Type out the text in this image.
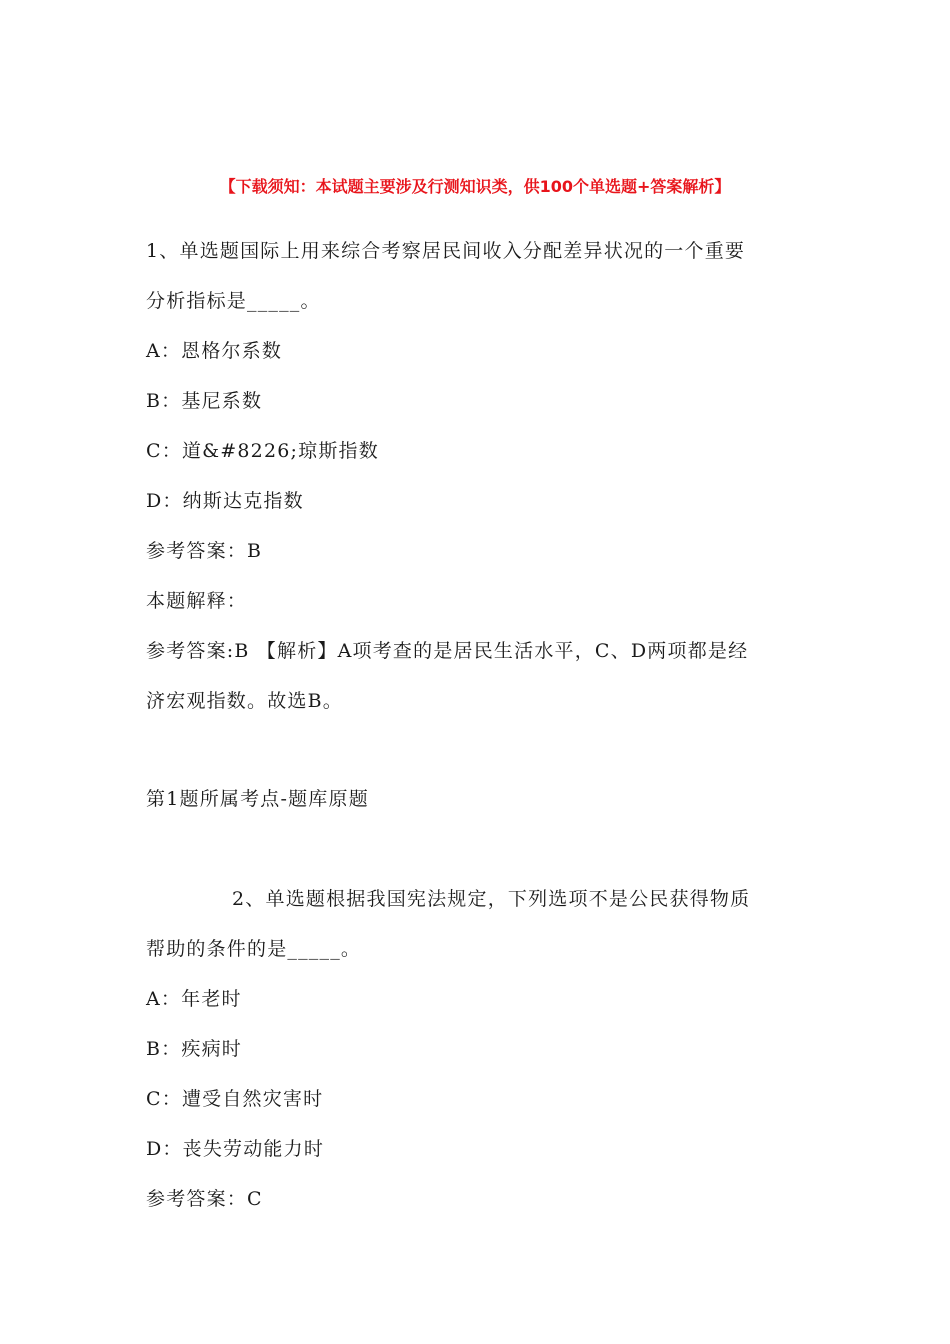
【下载须知：本试题主要涉及行测知识类，供100个单选题+答案解析】
1、单选题国际上用来综合考察居民间收入分配差异状况的一个重要
分析指标是_____。
A：恩格尔系数
B：基尼系数
C：道&#8226;琼斯指数
D：纳斯达克指数
参考答案：B
本题解释：
参考答案:B 【解析】A项考查的是居民生活水平，C、D两项都是经
济宏观指数。故选B。
第1题所属考点-题库原题
2、单选题根据我国宪法规定，下列选项不是公民获得物质
帮助的条件的是_____。
A：年老时
B：疾病时
C：遭受自然灾害时
D：丧失劳动能力时
参考答案：C
